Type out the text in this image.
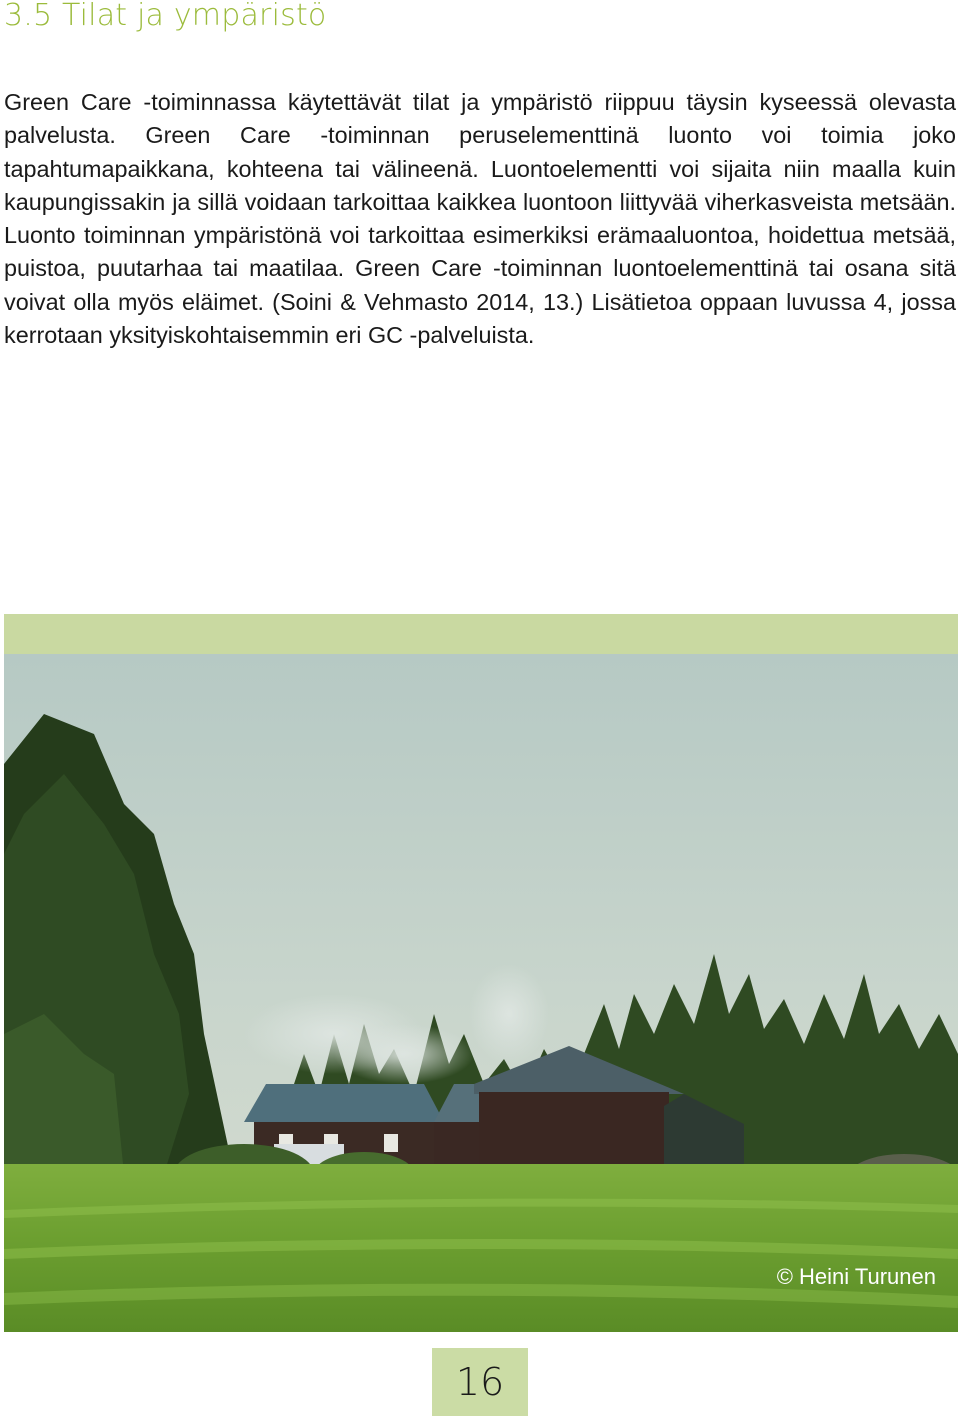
3.5 Tilat ja ympäristö

Green Care -toiminnassa käytettävät tilat ja ympäristö riippuu täysin kyseessä olevasta palvelusta. Green Care -toiminnan peruselementtinä luonto voi toimia joko tapahtumapaikkana, kohteena tai välineenä. Luontoelementti voi sijaita niin maalla kuin kaupungissakin ja sillä voidaan tarkoittaa kaikkea luontoon liittyvää viherkasveista metsään. Luonto toiminnan ympäristönä voi tarkoittaa esimerkiksi erämaaluontoa, hoidettua metsää, puistoa, puutarhaa tai maatilaa. Green Care -toiminnan luontoelementtinä tai osana sitä voivat olla myös eläimet. (Soini & Vehmasto 2014, 13.) Lisätietoa oppaan luvussa 4, jossa kerrotaan yksityiskohtaisemmin eri GC -palveluista.

© Heini Turunen
16
